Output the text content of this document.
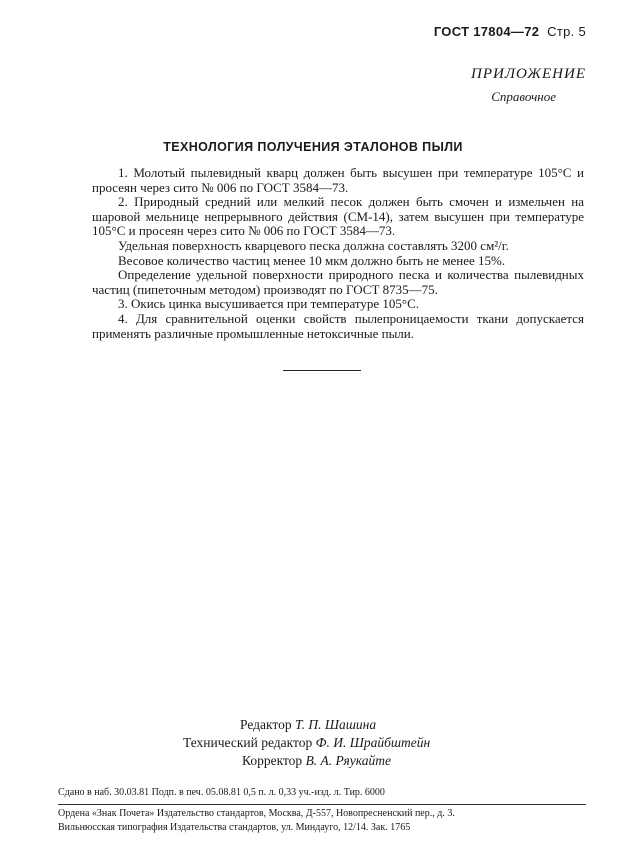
ГОСТ 17804—72 Стр. 5
ПРИЛОЖЕНИЕ
Справочное
ТЕХНОЛОГИЯ ПОЛУЧЕНИЯ ЭТАЛОНОВ ПЫЛИ

1. Молотый пылевидный кварц должен быть высушен при температуре 105°С и просеян через сито № 006 по ГОСТ 3584—73.

2. Природный средний или мелкий песок должен быть смочен и измельчен на шаровой мельнице непрерывного действия (СМ-14), затем высушен при температуре 105°С и просеян через сито № 006 по ГОСТ 3584—73.

Удельная поверхность кварцевого песка должна составлять 3200 см²/г.

Весовое количество частиц менее 10 мкм должно быть не менее 15%.

Определение удельной поверхности природного песка и количества пылевидных частиц (пипеточным методом) производят по ГОСТ 8735—75.

3. Окись цинка высушивается при температуре 105°С.

4. Для сравнительной оценки свойств пылепроницаемости ткани допускается применять различные промышленные нетоксичные пыли.

Редактор Т. П. Шашина
Технический редактор Ф. И. Шрайбштейн
Корректор В. А. Ряукайте
Сдано в наб. 30.03.81 Подп. в печ. 05.08.81 0,5 п. л. 0,33 уч.-изд. л. Тир. 6000
Ордена «Знак Почета» Издательство стандартов, Москва, Д-557, Новопресненский пер., д. 3.
Вильнюсская типография Издательства стандартов, ул. Миндауго, 12/14. Зак. 1765
